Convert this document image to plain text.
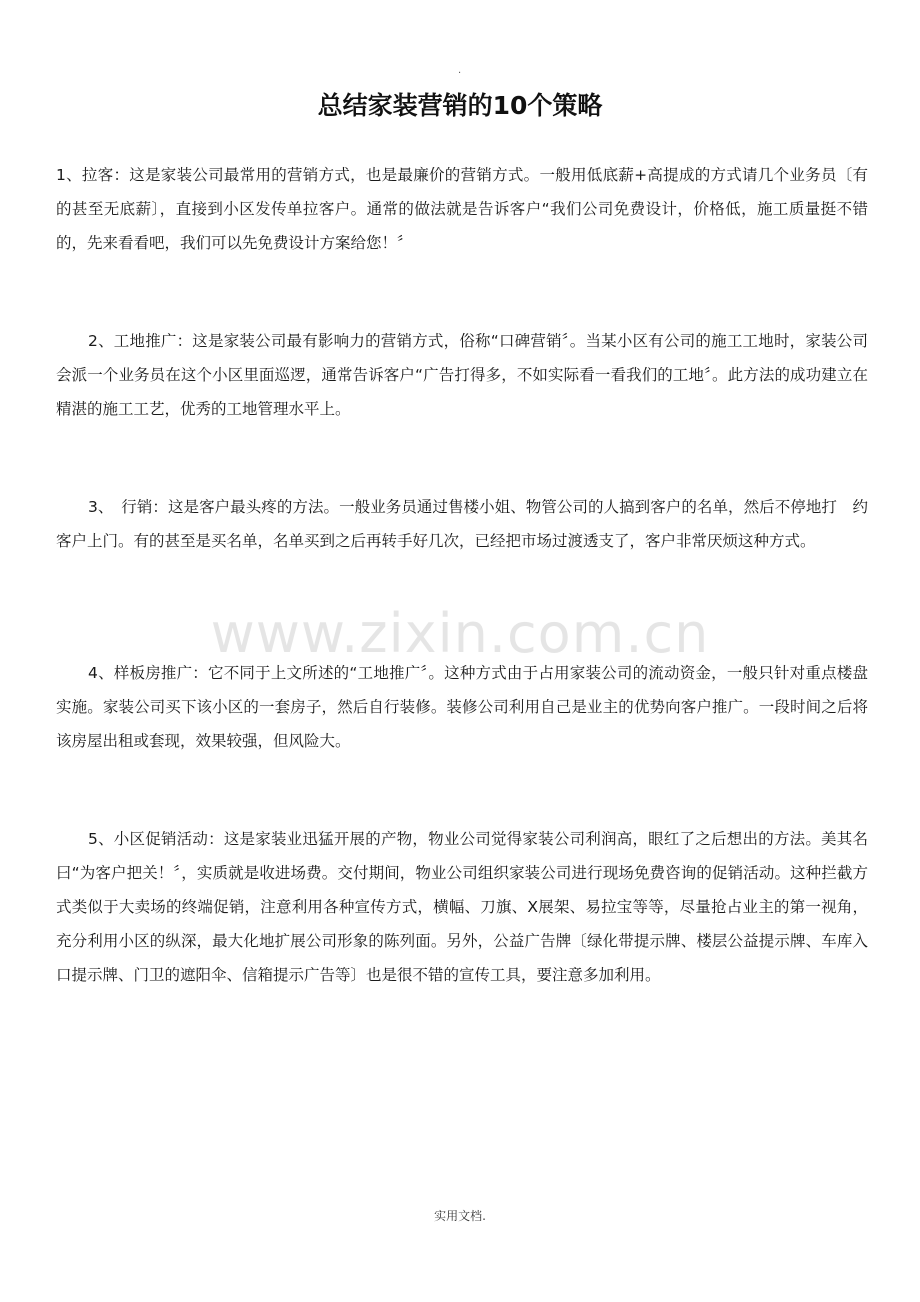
.
总结家装营销的10个策略

1、拉客：这是家装公司最常用的营销方式，也是最廉价的营销方式。一般用低底薪+高提成的方式请几个业务员〔有的甚至无底薪〕，直接到小区发传单拉客户。通常的做法就是告诉客户“我们公司免费设计，价格低，施工质量挺不错的，先来看看吧，我们可以先免费设计方案给您！〞

2、工地推广：这是家装公司最有影响力的营销方式，俗称“口碑营销〞。当某小区有公司的施工工地时，家装公司会派一个业务员在这个小区里面巡逻，通常告诉客户“广告打得多，不如实际看一看我们的工地〞。此方法的成功建立在精湛的施工工艺，优秀的工地管理水平上。

3、　行销：这是客户最头疼的方法。一般业务员通过售楼小姐、物管公司的人搞到客户的名单，然后不停地打　约客户上门。有的甚至是买名单，名单买到之后再转手好几次，已经把市场过渡透支了，客户非常厌烦这种方式。

4、样板房推广：它不同于上文所述的“工地推广〞。这种方式由于占用家装公司的流动资金，一般只针对重点楼盘实施。家装公司买下该小区的一套房子，然后自行装修。装修公司利用自己是业主的优势向客户推广。一段时间之后将该房屋出租或套现，效果较强，但风险大。

5、小区促销活动：这是家装业迅猛开展的产物，物业公司觉得家装公司利润高，眼红了之后想出的方法。美其名曰“为客户把关！〞，实质就是收进场费。交付期间，物业公司组织家装公司进行现场免费咨询的促销活动。这种拦截方式类似于大卖场的终端促销，注意利用各种宣传方式，横幅、刀旗、X展架、易拉宝等等，尽量抢占业主的第一视角，充分利用小区的纵深，最大化地扩展公司形象的陈列面。另外，公益广告牌〔绿化带提示牌、楼层公益提示牌、车库入口提示牌、门卫的遮阳伞、信箱提示广告等〕也是很不错的宣传工具，要注意多加利用。

www.zixin.com.cn
实用文档.
